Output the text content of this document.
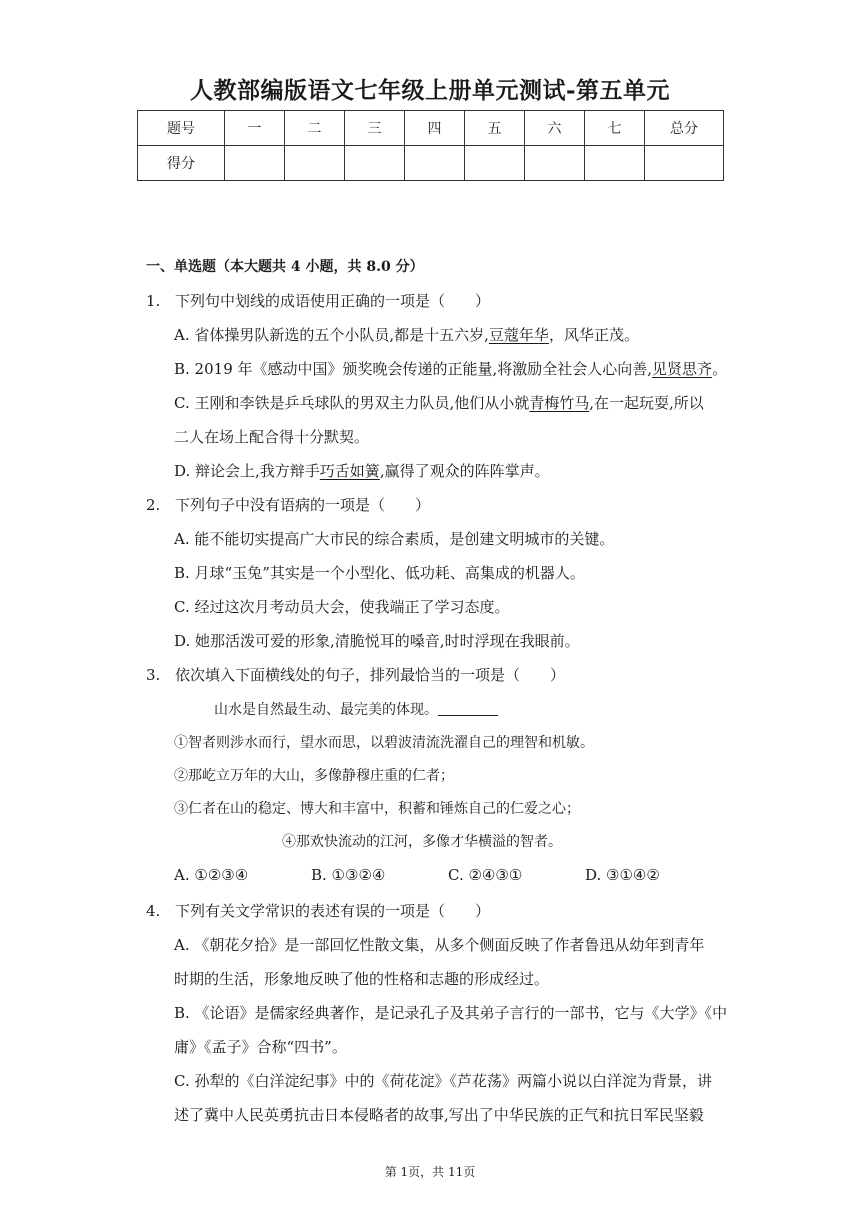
人教部编版语文七年级上册单元测试-第五单元
题号	一	二	三	四	五	六	七	总分
得分								
一、单选题（本大题共 4 小题，共 8.0 分）
1. 下列句中划线的成语使用正确的一项是（　　）
A. 省体操男队新选的五个小队员,都是十五六岁,豆蔻年华，风华正茂。
B. 2019 年《感动中国》颁奖晚会传递的正能量,将激励全社会人心向善,见贤思齐。
C. 王刚和李铁是乒乓球队的男双主力队员,他们从小就青梅竹马,在一起玩耍,所以
二人在场上配合得十分默契。
D. 辩论会上,我方辩手巧舌如簧,赢得了观众的阵阵掌声。
2. 下列句子中没有语病的一项是（　　）
A. 能不能切实提高广大市民的综合素质，是创建文明城市的关键。
B. 月球“玉兔”其实是一个小型化、低功耗、高集成的机器人。
C. 经过这次月考动员大会，使我端正了学习态度。
D. 她那活泼可爱的形象,清脆悦耳的嗓音,时时浮现在我眼前。
3. 依次填入下面横线处的句子，排列最恰当的一项是（　　）
山水是自然最生动、最完美的体现。
①智者则涉水而行，望水而思，以碧波清流洗濯自己的理智和机敏。
②那屹立万年的大山，多像静穆庄重的仁者；
③仁者在山的稳定、博大和丰富中，积蓄和锤炼自己的仁爱之心；
④那欢快流动的江河，多像才华横溢的智者。
A. ①②③④	B. ①③②④	C. ②④③①	D. ③①④②
4. 下列有关文学常识的表述有误的一项是（　　）
A. 《朝花夕拾》是一部回忆性散文集，从多个侧面反映了作者鲁迅从幼年到青年
时期的生活，形象地反映了他的性格和志趣的形成经过。
B. 《论语》是儒家经典著作，是记录孔子及其弟子言行的一部书，它与《大学》《中
庸》《孟子》合称“四书”。
C. 孙犁的《白洋淀纪事》中的《荷花淀》《芦花荡》两篇小说以白洋淀为背景，讲
述了冀中人民英勇抗击日本侵略者的故事,写出了中华民族的正气和抗日军民坚毅
第 1页，共 11页
